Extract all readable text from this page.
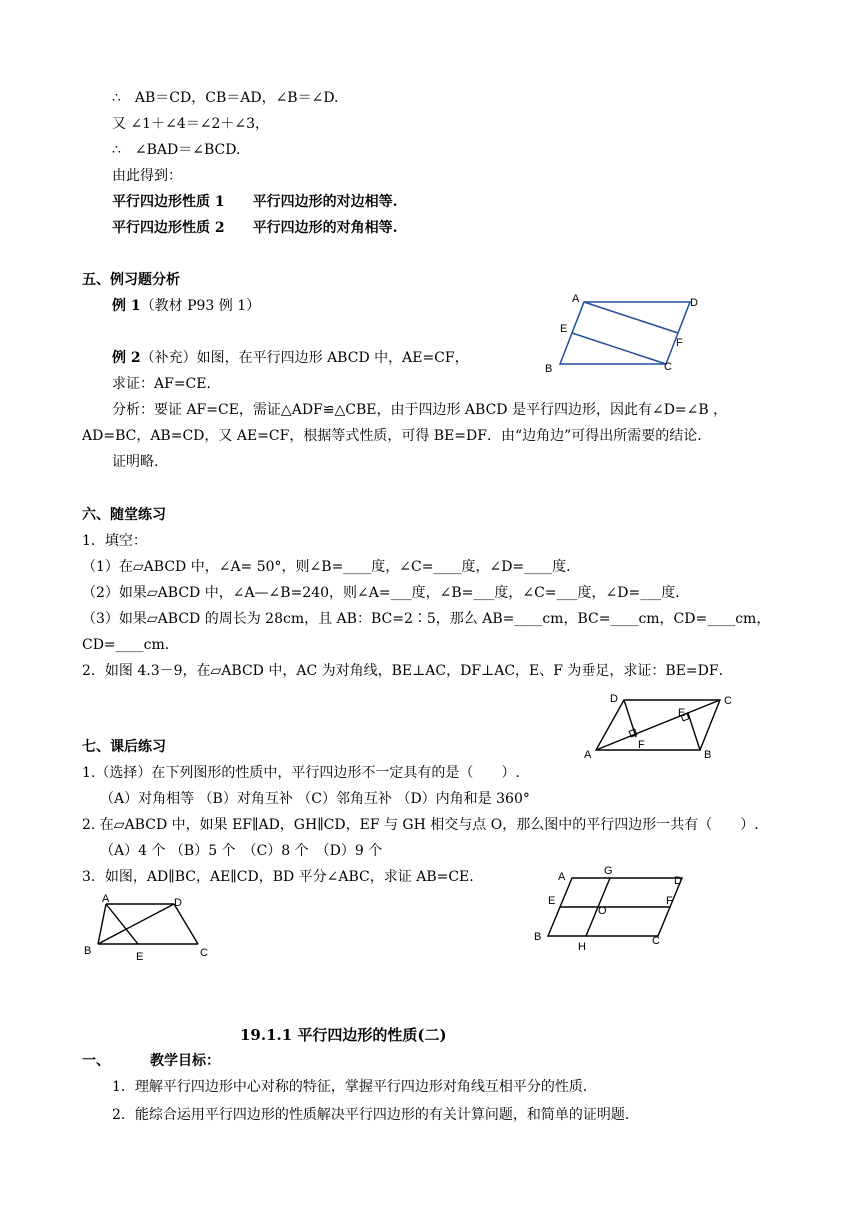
∴　AB＝CD，CB＝AD，∠B＝∠D.
又 ∠1＋∠4＝∠2＋∠3，
∴　∠BAD＝∠BCD.
由此得到：
平行四边形性质 1　　平行四边形的对边相等.
平行四边形性质 2　　平行四边形的对角相等.
五、例习题分析
例 1（教材 P93 例 1）
例 2（补充）如图，在平行四边形 ABCD 中，AE=CF，
求证：AF=CE.
分析：要证 AF=CE，需证△ADF≌△CBE，由于四边形 ABCD 是平行四边形，因此有∠D=∠B ，
AD=BC，AB=CD，又 AE=CF，根据等式性质，可得 BE=DF．由“边角边”可得出所需要的结论．
证明略.
A	D
E
F
B	C
六、随堂练习
1．填空：
（1）在▱ABCD 中，∠A= 50°，则∠B=____度，∠C=____度，∠D=____度．
（2）如果▱ABCD 中，∠A—∠B=240，则∠A=___度，∠B=___度，∠C=___度，∠D=___度．
（3）如果▱ABCD 的周长为 28cm，且 AB：BC=2∶5，那么 AB=____cm，BC=____cm，CD=____cm，
CD=____cm．
2．如图 4.3－9，在▱ABCD 中，AC 为对角线，BE⊥AC，DF⊥AC，E、F 为垂足，求证：BE=DF．
D	C
E
F
A	B
七、课后练习
1.（选择）在下列图形的性质中，平行四边形不一定具有的是（　　）.
（A）对角相等 （B）对角互补 （C）邻角互补 （D）内角和是 360°
2. 在▱ABCD 中，如果 EF∥AD，GH∥CD，EF 与 GH 相交与点 O，那么图中的平行四边形一共有（　　）.
（A）4 个 （B）5 个　（C）8 个　（D）9 个
3．如图，AD∥BC，AE∥CD，BD 平分∠ABC，求证 AB=CE.
A	D
B	E	C
A	G
D
E
O
F
B
H	C
19.1.1 平行四边形的性质(二)
一、	教学目标：
1．理解平行四边形中心对称的特征，掌握平行四边形对角线互相平分的性质．
2．能综合运用平行四边形的性质解决平行四边形的有关计算问题，和简单的证明题．
